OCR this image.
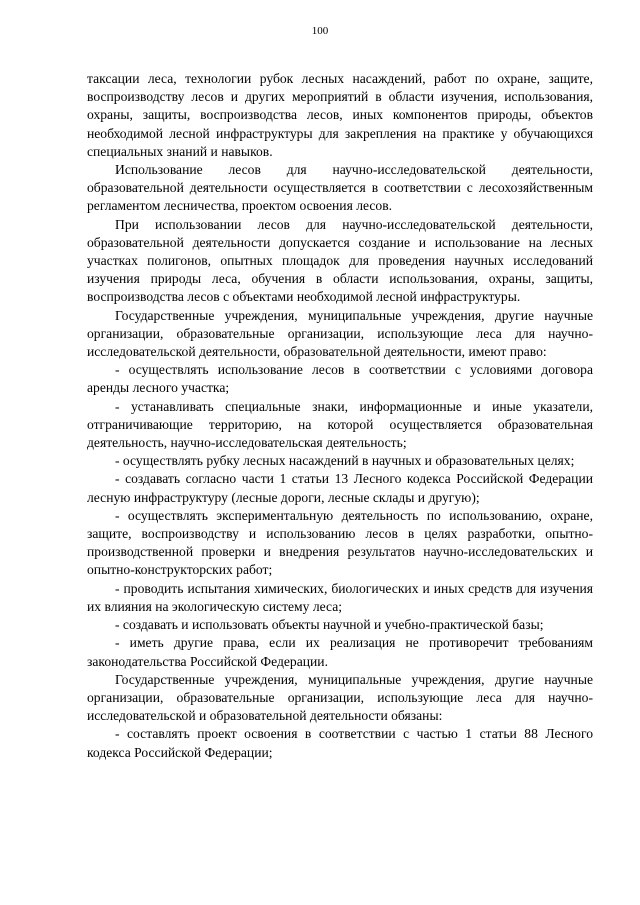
100

таксации леса, технологии рубок лесных насаждений, работ по охране, защите, воспроизводству лесов и других мероприятий в области изучения, использования, охраны, защиты, воспроизводства лесов, иных компонентов природы, объектов необходимой лесной инфраструктуры для закрепления на практике у обучающихся специальных знаний и навыков.

Использование лесов для научно-исследовательской деятельности, образовательной деятельности осуществляется в соответствии с лесохозяйственным регламентом лесничества, проектом освоения лесов.

При использовании лесов для научно-исследовательской деятельности, образовательной деятельности допускается создание и использование на лесных участках полигонов, опытных площадок для проведения научных исследований изучения природы леса, обучения в области использования, охраны, защиты, воспроизводства лесов с объектами необходимой лесной инфраструктуры.

Государственные учреждения, муниципальные учреждения, другие научные организации, образовательные организации, использующие леса для научно-исследовательской деятельности, образовательной деятельности, имеют право:

- осуществлять использование лесов в соответствии с условиями договора аренды лесного участка;

- устанавливать специальные знаки, информационные и иные указатели, отграничивающие территорию, на которой осуществляется образовательная деятельность, научно-исследовательская деятельность;

- осуществлять рубку лесных насаждений в научных и образовательных целях;

- создавать согласно части 1 статьи 13 Лесного кодекса Российской Федерации лесную инфраструктуру (лесные дороги, лесные склады и другую);

- осуществлять экспериментальную деятельность по использованию, охране, защите, воспроизводству и использованию лесов в целях разработки, опытно-производственной проверки и внедрения результатов научно-исследовательских и опытно-конструкторских работ;

- проводить испытания химических, биологических и иных средств для изучения их влияния на экологическую систему леса;

- создавать и использовать объекты научной и учебно-практической базы;

- иметь другие права, если их реализация не противоречит требованиям законодательства Российской Федерации.

Государственные учреждения, муниципальные учреждения, другие научные организации, образовательные организации, использующие леса для научно-исследовательской и образовательной деятельности обязаны:

- составлять проект освоения в соответствии с частью 1 статьи 88 Лесного кодекса Российской Федерации;
